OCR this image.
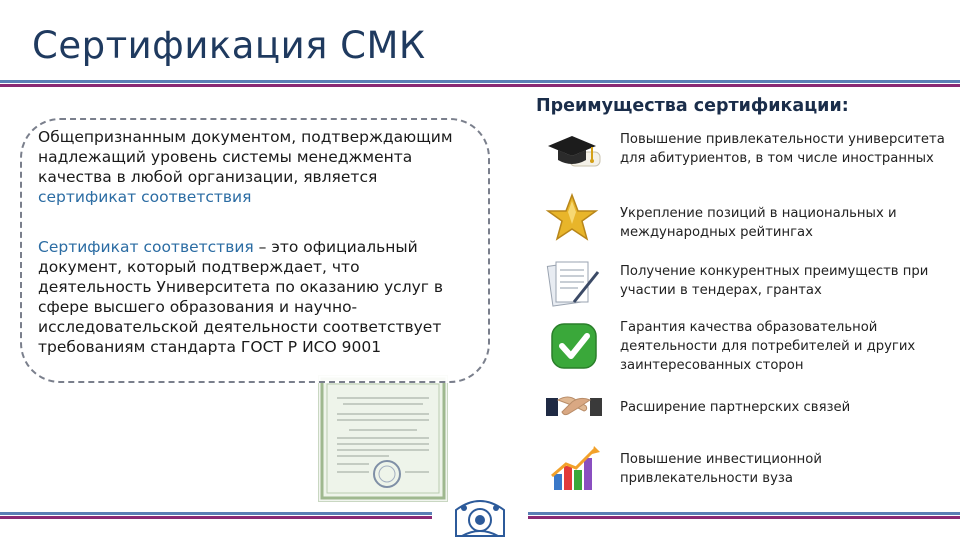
Сертификация СМК
Общепризнанным документом, подтверждающим надлежащий уровень системы менеджмента качества в любой организации, является сертификат соответствия
Сертификат соответствия – это официальный документ, который подтверждает, что деятельность Университета по оказанию услуг в сфере высшего образования и научно-исследовательской деятельности соответствует требованиям стандарта ГОСТ Р ИСО 9001
Преимущества сертификации:
Повышение привлекательности университета для абитуриентов, в том числе иностранных
Укрепление позиций в национальных и международных рейтингах
Получение конкурентных преимуществ при участии в тендерах, грантах
Гарантия качества образовательной деятельности для потребителей и других заинтересованных сторон
Расширение партнерских связей
Повышение инвестиционной привлекательности вуза
